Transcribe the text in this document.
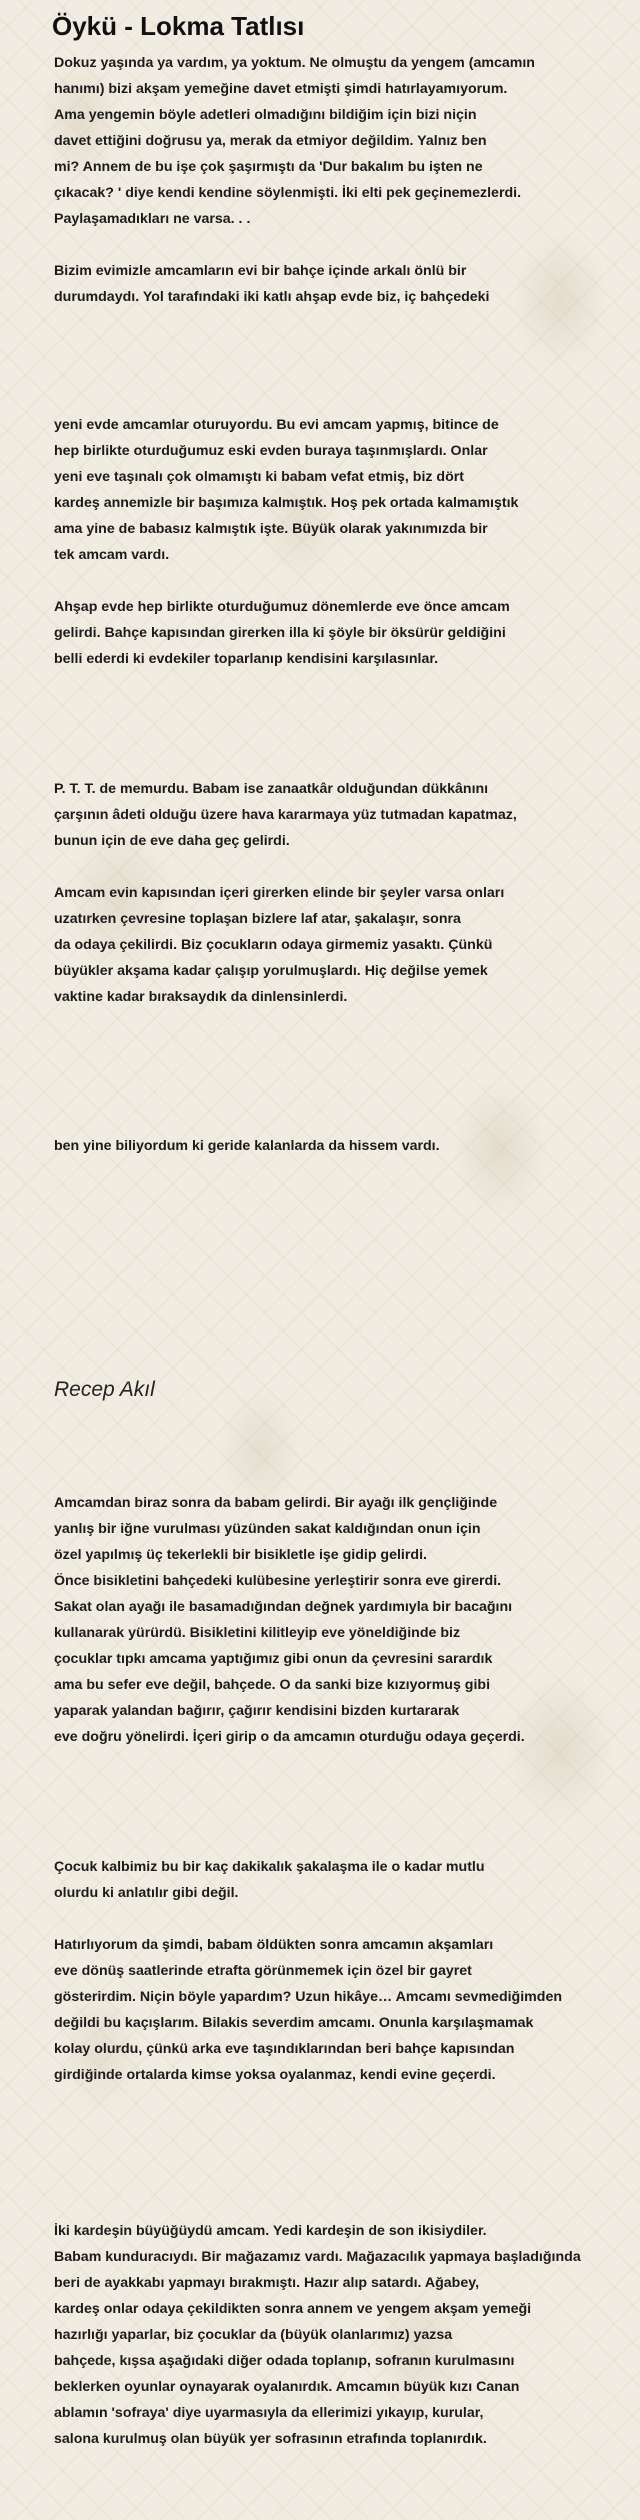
Öykü - Lokma Tatlısı

Dokuz yaşında ya vardım, ya yoktum. Ne olmuştu da yengem (amcamın
hanımı) bizi akşam yemeğine davet etmişti şimdi hatırlayamıyorum.
Ama yengemin böyle adetleri olmadığını bildiğim için bizi niçin
davet ettiğini doğrusu ya, merak da etmiyor değildim. Yalnız ben
mi? Annem de bu işe çok şaşırmıştı da 'Dur bakalım bu işten ne
çıkacak? ' diye kendi kendine söylenmişti. İki elti pek geçinemezlerdi.
Paylaşamadıkları ne varsa. . .

Bizim evimizle amcamların evi bir bahçe içinde arkalı önlü bir
durumdaydı. Yol tarafındaki iki katlı ahşap evde biz, iç bahçedeki

yeni evde amcamlar oturuyordu. Bu evi amcam yapmış, bitince de
hep birlikte oturduğumuz eski evden buraya taşınmışlardı. Onlar
yeni eve taşınalı çok olmamıştı ki babam vefat etmiş, biz dört
kardeş annemizle bir başımıza kalmıştık. Hoş pek ortada kalmamıştık
ama yine de babasız kalmıştık işte. Büyük olarak yakınımızda bir
tek amcam vardı.

Ahşap evde hep birlikte oturduğumuz dönemlerde eve önce amcam
gelirdi. Bahçe kapısından girerken illa ki şöyle bir öksürür geldiğini
belli ederdi ki evdekiler toparlanıp kendisini karşılasınlar.

P. T. T. de memurdu. Babam ise zanaatkâr olduğundan dükkânını
çarşının âdeti olduğu üzere hava kararmaya yüz tutmadan kapatmaz,
bunun için de eve daha geç gelirdi.

Amcam evin kapısından içeri girerken elinde bir şeyler varsa onları
uzatırken çevresine toplaşan bizlere laf atar, şakalaşır, sonra
da odaya çekilirdi. Biz çocukların odaya girmemiz yasaktı. Çünkü
büyükler akşama kadar çalışıp yorulmuşlardı. Hiç değilse yemek
vaktine kadar bıraksaydık da dinlensinlerdi.

ben yine biliyordum ki geride kalanlarda da hissem vardı.

Recep Akıl

Amcamdan biraz sonra da babam gelirdi. Bir ayağı ilk gençliğinde
yanlış bir iğne vurulması yüzünden sakat kaldığından onun için
özel yapılmış üç tekerlekli bir bisikletle işe gidip gelirdi.
Önce bisikletini bahçedeki kulübesine yerleştirir sonra eve girerdi.
Sakat olan ayağı ile basamadığından değnek yardımıyla bir bacağını
kullanarak yürürdü. Bisikletini kilitleyip eve yöneldiğinde biz
çocuklar tıpkı amcama yaptığımız gibi onun da çevresini sarardık
ama bu sefer eve değil, bahçede. O da sanki bize kızıyormuş gibi
yaparak yalandan bağırır, çağırır kendisini bizden kurtararak
eve doğru yönelirdi. İçeri girip o da amcamın oturduğu odaya geçerdi.

Çocuk kalbimiz bu bir kaç dakikalık şakalaşma ile o kadar mutlu
olurdu ki anlatılır gibi değil.

Hatırlıyorum da şimdi, babam öldükten sonra amcamın akşamları
eve dönüş saatlerinde etrafta görünmemek için özel bir gayret
gösterirdim. Niçin böyle yapardım? Uzun hikâye… Amcamı sevmediğimden
değildi bu kaçışlarım. Bilakis severdim amcamı. Onunla karşılaşmamak
kolay olurdu, çünkü arka eve taşındıklarından beri bahçe kapısından
girdiğinde ortalarda kimse yoksa oyalanmaz, kendi evine geçerdi.

İki kardeşin büyüğüydü amcam. Yedi kardeşin de son ikisiydiler.
Babam kunduracıydı. Bir mağazamız vardı. Mağazacılık yapmaya başladığında
beri de ayakkabı yapmayı bırakmıştı. Hazır alıp satardı. Ağabey,
kardeş onlar odaya çekildikten sonra annem ve yengem akşam yemeği
hazırlığı yaparlar, biz çocuklar da (büyük olanlarımız) yazsa
bahçede, kışsa aşağıdaki diğer odada toplanıp, sofranın kurulmasını
beklerken oyunlar oynayarak oyalanırdık. Amcamın büyük kızı Canan
ablamın 'sofraya' diye uyarmasıyla da ellerimizi yıkayıp, kurular,
salona kurulmuş olan büyük yer sofrasının etrafında toplanırdık.
